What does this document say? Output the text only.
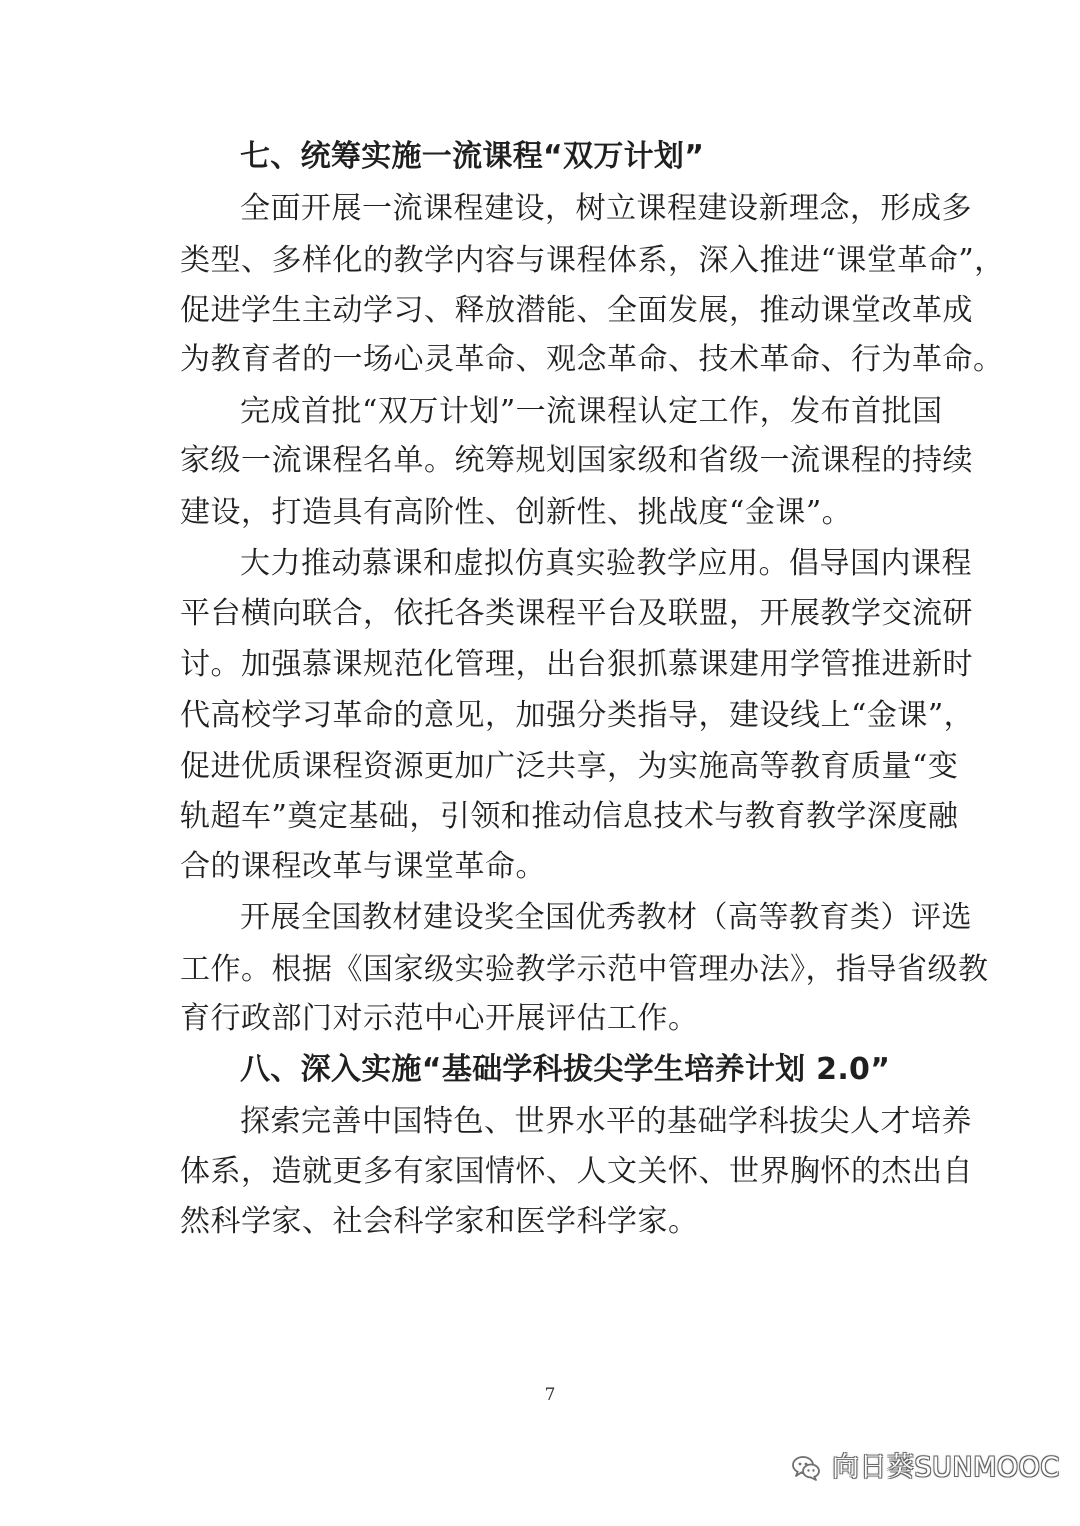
七、统筹实施一流课程“双万计划”
全面开展一流课程建设，树立课程建设新理念，形成多
类型、多样化的教学内容与课程体系，深入推进“课堂革命”，
促进学生主动学习、释放潜能、全面发展，推动课堂改革成
为教育者的一场心灵革命、观念革命、技术革命、行为革命。
完成首批“双万计划”一流课程认定工作，发布首批国
家级一流课程名单。统筹规划国家级和省级一流课程的持续
建设，打造具有高阶性、创新性、挑战度“金课”。
大力推动慕课和虚拟仿真实验教学应用。倡导国内课程
平台横向联合，依托各类课程平台及联盟，开展教学交流研
讨。加强慕课规范化管理，出台狠抓慕课建用学管推进新时
代高校学习革命的意见，加强分类指导，建设线上“金课”，
促进优质课程资源更加广泛共享，为实施高等教育质量“变
轨超车”奠定基础，引领和推动信息技术与教育教学深度融
合的课程改革与课堂革命。
开展全国教材建设奖全国优秀教材（高等教育类）评选
工作。根据《国家级实验教学示范中管理办法》，指导省级教
育行政部门对示范中心开展评估工作。
八、深入实施“基础学科拔尖学生培养计划 2.0”
探索完善中国特色、世界水平的基础学科拔尖人才培养
体系，造就更多有家国情怀、人文关怀、世界胸怀的杰出自
然科学家、社会科学家和医学科学家。
7
向日葵SUNMOOC
